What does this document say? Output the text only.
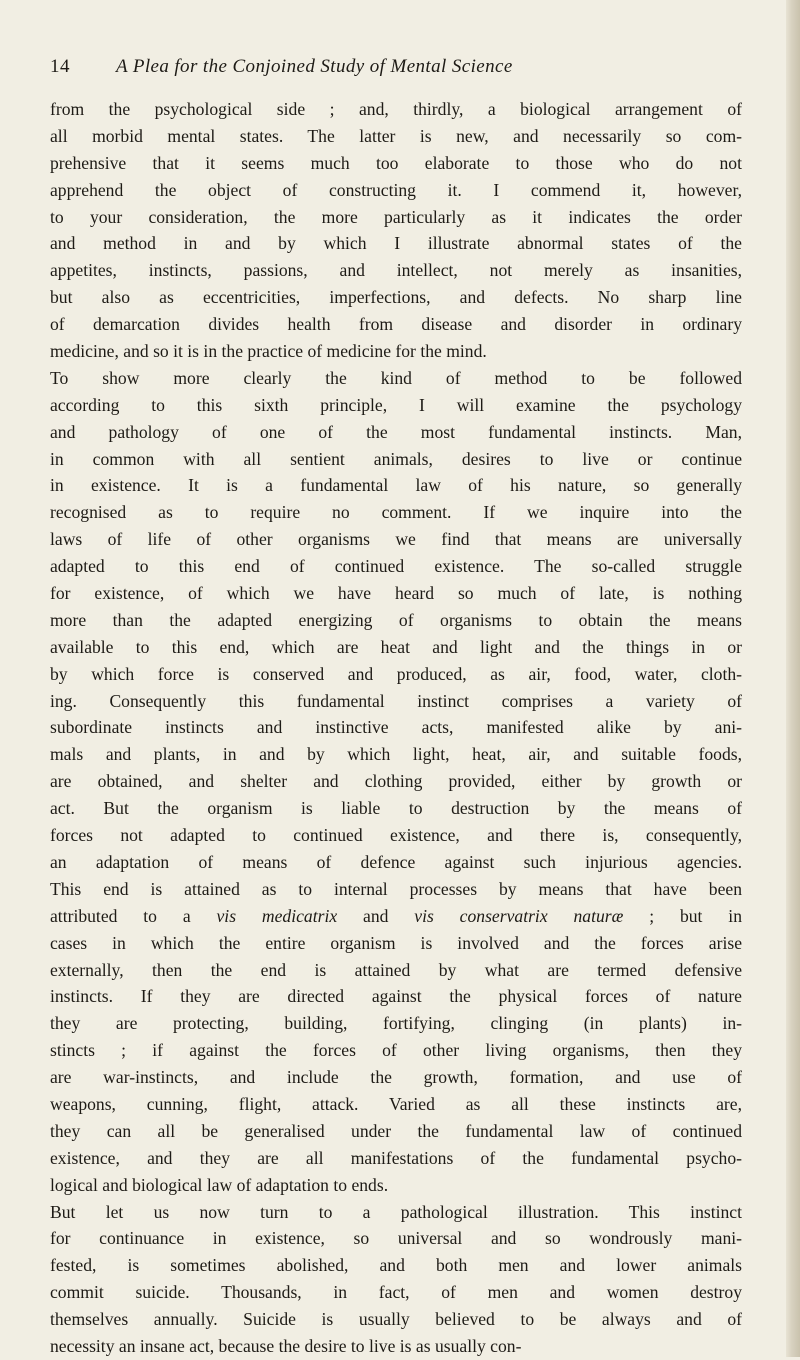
14 A Plea for the Conjoined Study of Mental Science
from the psychological side ; and, thirdly, a biological arrangement of
all morbid mental states. The latter is new, and necessarily so com-
prehensive that it seems much too elaborate to those who do not
apprehend the object of constructing it. I commend it, however,
to your consideration, the more particularly as it indicates the order
and method in and by which I illustrate abnormal states of the
appetites, instincts, passions, and intellect, not merely as insanities,
but also as eccentricities, imperfections, and defects. No sharp line
of demarcation divides health from disease and disorder in ordinary
medicine, and so it is in the practice of medicine for the mind.
To show more clearly the kind of method to be followed
according to this sixth principle, I will examine the psychology
and pathology of one of the most fundamental instincts. Man,
in common with all sentient animals, desires to live or continue
in existence. It is a fundamental law of his nature, so generally
recognised as to require no comment. If we inquire into the
laws of life of other organisms we find that means are universally
adapted to this end of continued existence. The so-called struggle
for existence, of which we have heard so much of late, is nothing
more than the adapted energizing of organisms to obtain the means
available to this end, which are heat and light and the things in or
by which force is conserved and produced, as air, food, water, cloth-
ing. Consequently this fundamental instinct comprises a variety of
subordinate instincts and instinctive acts, manifested alike by ani-
mals and plants, in and by which light, heat, air, and suitable foods,
are obtained, and shelter and clothing provided, either by growth or
act. But the organism is liable to destruction by the means of
forces not adapted to continued existence, and there is, consequently,
an adaptation of means of defence against such injurious agencies.
This end is attained as to internal processes by means that have been
attributed to a vis medicatrix and vis conservatrix naturæ ; but in
cases in which the entire organism is involved and the forces arise
externally, then the end is attained by what are termed defensive
instincts. If they are directed against the physical forces of nature
they are protecting, building, fortifying, clinging (in plants) in-
stincts ; if against the forces of other living organisms, then they
are war-instincts, and include the growth, formation, and use of
weapons, cunning, flight, attack. Varied as all these instincts are,
they can all be generalised under the fundamental law of continued
existence, and they are all manifestations of the fundamental psycho-
logical and biological law of adaptation to ends.
But let us now turn to a pathological illustration. This instinct
for continuance in existence, so universal and so wondrously mani-
fested, is sometimes abolished, and both men and lower animals
commit suicide. Thousands, in fact, of men and women destroy
themselves annually. Suicide is usually believed to be always and of
necessity an insane act, because the desire to live is as usually con-
